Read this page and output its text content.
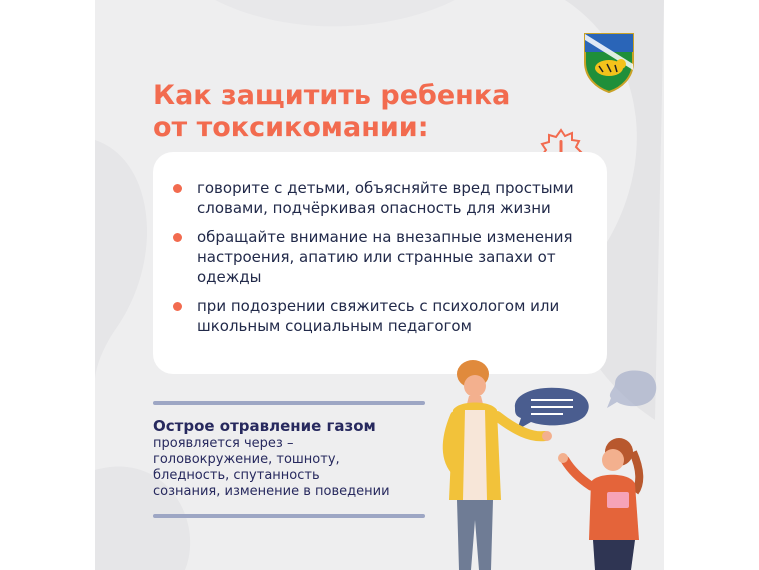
Как защитить ребенка
от токсикомании:
говорите с детьми, объясняйте вред простыми словами, подчёркивая опасность для жизни
обращайте внимание на внезапные изменения настроения, апатию или странные запахи от одежды
при подозрении свяжитесь с психологом или школьным социальным педагогом
Острое отравление газом
проявляется через –
головокружение, тошноту,
бледность, спутанность
сознания, изменение в поведении
